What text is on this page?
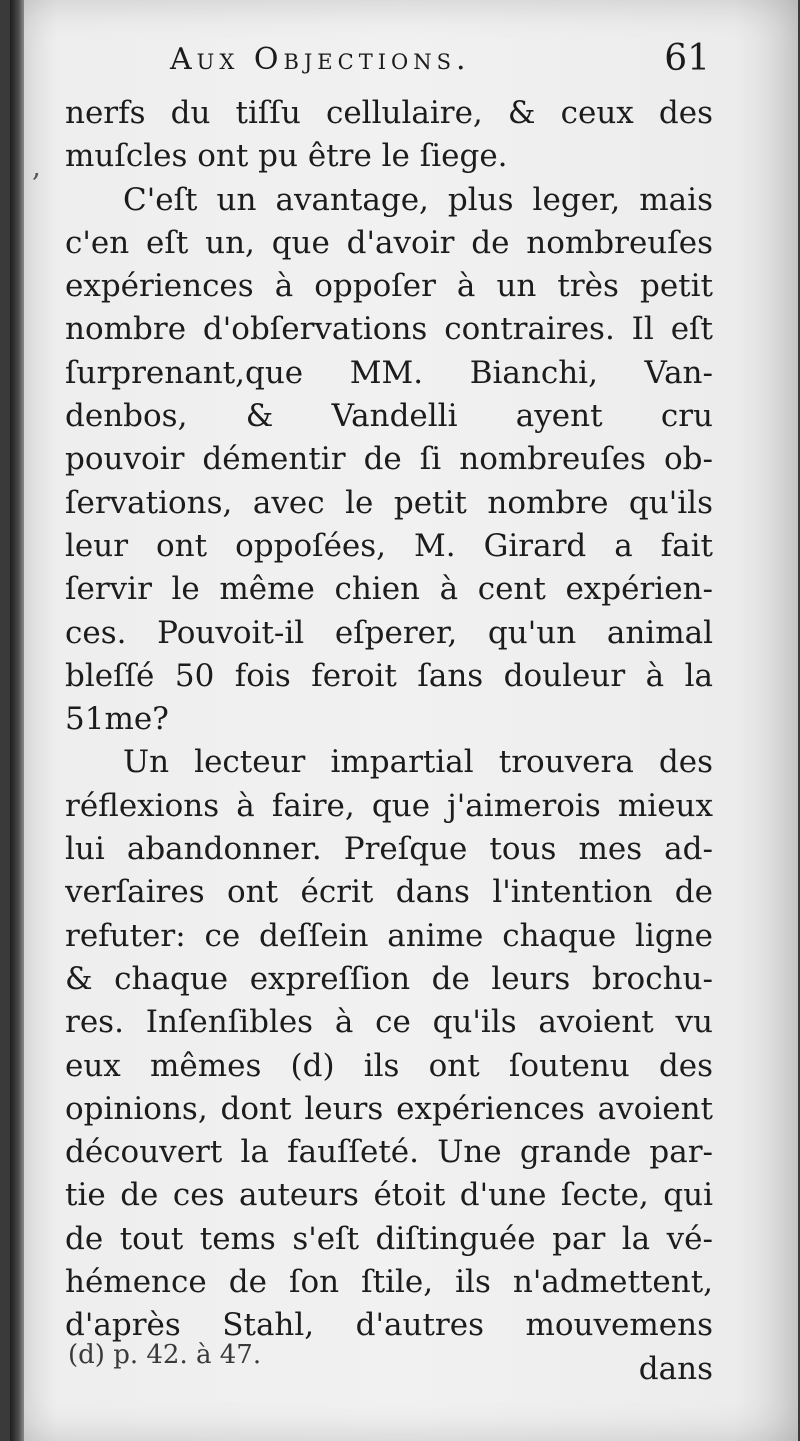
Aux Objections.	61
nerfs du tiſſu cellulaire, & ceux des
muſcles ont pu être le ſiege.
C'eſt un avantage, plus leger, mais
c'en eſt un, que d'avoir de nombreuſes
expériences à oppoſer à un très petit
nombre d'obſervations contraires. Il eſt
ſurprenant,que MM. Bianchi, Van-
denbos, & Vandelli ayent cru
pouvoir démentir de ſi nombreuſes ob-
ſervations, avec le petit nombre qu'ils
leur ont oppoſées, M. Girard a fait
ſervir le même chien à cent expérien-
ces. Pouvoit-il eſperer, qu'un animal
bleſſé 50 fois feroit ſans douleur à la
51me?
Un lecteur impartial trouvera des
réflexions à faire, que j'aimerois mieux
lui abandonner. Preſque tous mes ad-
verſaires ont écrit dans l'intention de
refuter: ce deſſein anime chaque ligne
& chaque expreſſion de leurs brochu-
res. Inſenſibles à ce qu'ils avoient vu
eux mêmes (d) ils ont ſoutenu des
opinions, dont leurs expériences avoient
découvert la fauſſeté. Une grande par-
tie de ces auteurs étoit d'une ſecte, qui
de tout tems s'eſt diſtinguée par la vé-
hémence de ſon ſtile, ils n'admettent,
d'après Stahl, d'autres mouvemens
dans
(d) p. 42. à 47.
,
